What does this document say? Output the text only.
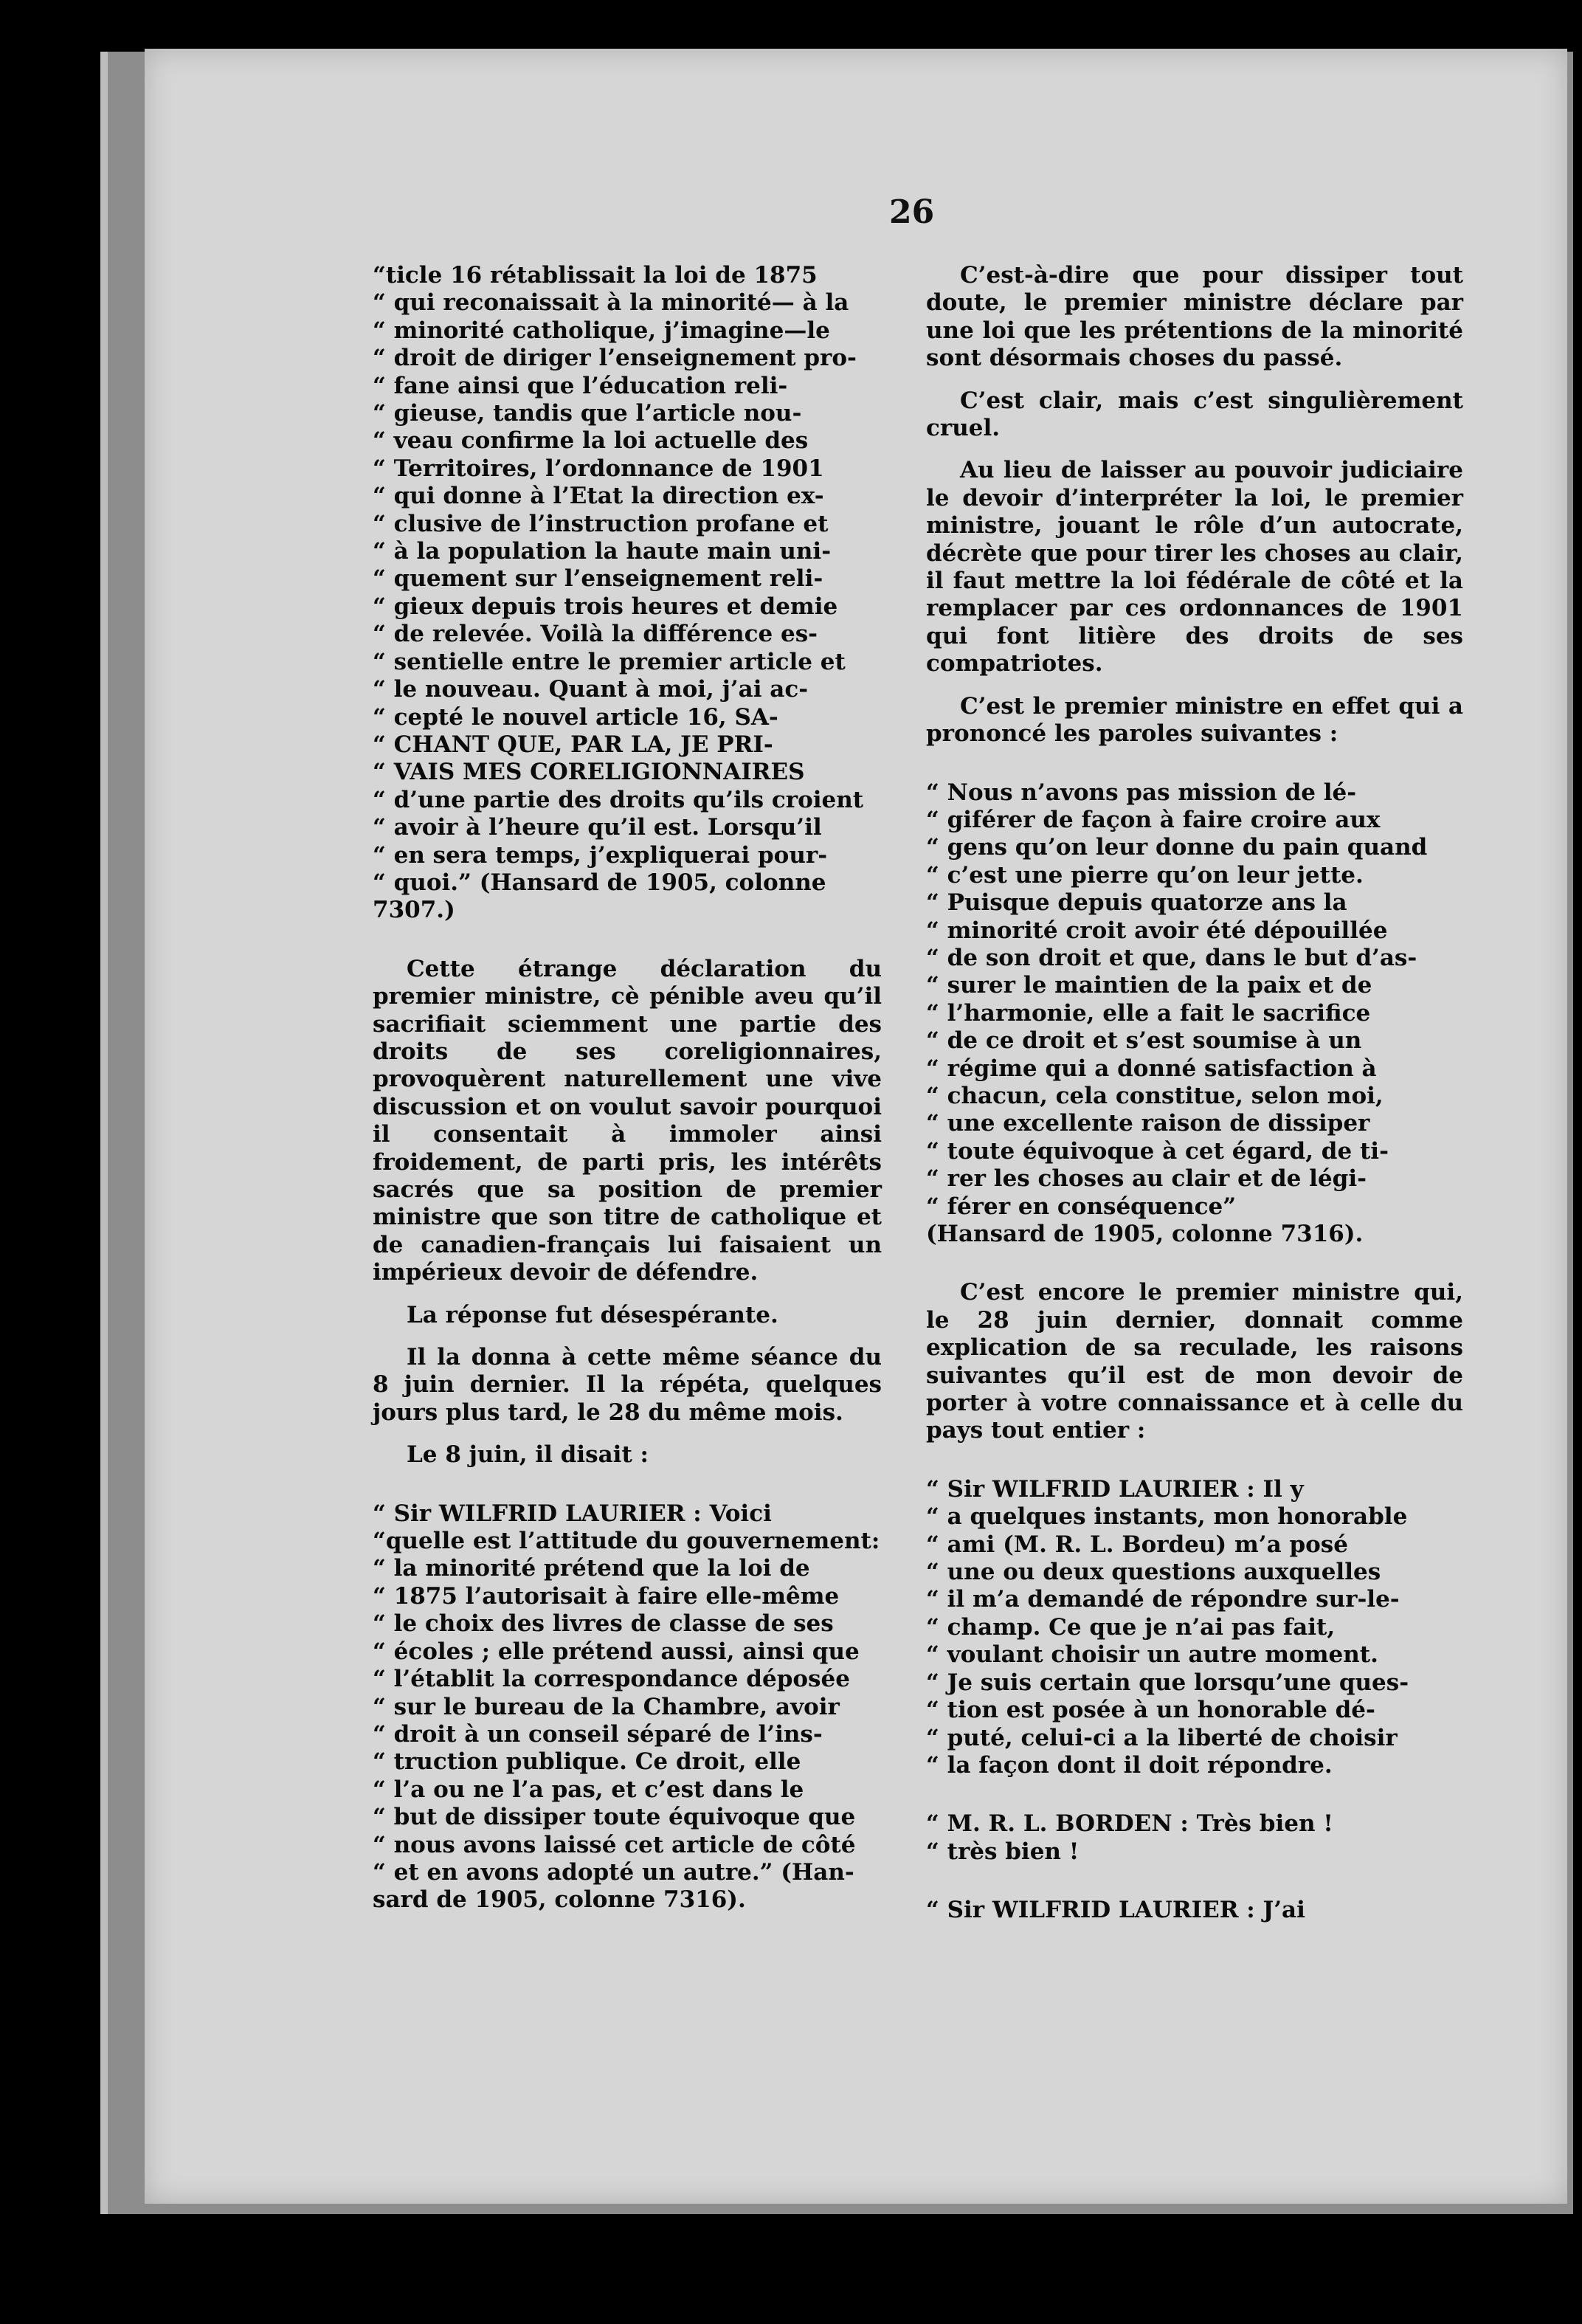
26
“ticle 16 rétablissait la loi de 1875
“ qui reconaissait à la minorité— à la
“ minorité catholique, j’imagine—le
“ droit de diriger l’enseignement pro-
“ fane ainsi que l’éducation reli-
“ gieuse, tandis que l’article nou-
“ veau confirme la loi actuelle des
“ Territoires, l’ordonnance de 1901
“ qui donne à l’Etat la direction ex-
“ clusive de l’instruction profane et
“ à la population la haute main uni-
“ quement sur l’enseignement reli-
“ gieux depuis trois heures et demie
“ de relevée. Voilà la différence es-
“ sentielle entre le premier article et
“ le nouveau. Quant à moi, j’ai ac-
“ cepté le nouvel article 16, SA-
“ CHANT QUE, PAR LA, JE PRI-
“ VAIS MES CORELIGIONNAIRES
“ d’une partie des droits qu’ils croient
“ avoir à l’heure qu’il est. Lorsqu’il
“ en sera temps, j’expliquerai pour-
“ quoi.” (Hansard de 1905, colonne
7307.)

Cette étrange déclaration du premier ministre, cè pénible aveu qu’il sacrifiait sciemment une partie des droits de ses coreligionnaires, provoquèrent naturellement une vive discussion et on voulut savoir pourquoi il consentait à immoler ainsi froidement, de parti pris, les intérêts sacrés que sa position de premier ministre que son titre de catholique et de canadien-français lui faisaient un impérieux devoir de défendre.

La réponse fut désespérante.

Il la donna à cette même séance du 8 juin dernier. Il la répéta, quelques jours plus tard, le 28 du même mois.

Le 8 juin, il disait :

“ Sir WILFRID LAURIER : Voici
“quelle est l’attitude du gouvernement:
“ la minorité prétend que la loi de
“ 1875 l’autorisait à faire elle-même
“ le choix des livres de classe de ses
“ écoles ; elle prétend aussi, ainsi que
“ l’établit la correspondance déposée
“ sur le bureau de la Chambre, avoir
“ droit à un conseil séparé de l’ins-
“ truction publique. Ce droit, elle
“ l’a ou ne l’a pas, et c’est dans le
“ but de dissiper toute équivoque que
“ nous avons laissé cet article de côté
“ et en avons adopté un autre.” (Han-
sard de 1905, colonne 7316).

C’est-à-dire que pour dissiper tout doute, le premier ministre déclare par une loi que les prétentions de la minorité sont désormais choses du passé.

C’est clair, mais c’est singulièrement cruel.

Au lieu de laisser au pouvoir judiciaire le devoir d’interpréter la loi, le premier ministre, jouant le rôle d’un autocrate, décrète que pour tirer les choses au clair, il faut mettre la loi fédérale de côté et la remplacer par ces ordonnances de 1901 qui font litière des droits de ses compatriotes.

C’est le premier ministre en effet qui a prononcé les paroles suivantes :

“ Nous n’avons pas mission de lé-
“ giférer de façon à faire croire aux
“ gens qu’on leur donne du pain quand
“ c’est une pierre qu’on leur jette.
“ Puisque depuis quatorze ans la
“ minorité croit avoir été dépouillée
“ de son droit et que, dans le but d’as-
“ surer le maintien de la paix et de
“ l’harmonie, elle a fait le sacrifice
“ de ce droit et s’est soumise à un
“ régime qui a donné satisfaction à
“ chacun, cela constitue, selon moi,
“ une excellente raison de dissiper
“ toute équivoque à cet égard, de ti-
“ rer les choses au clair et de légi-
“ férer en conséquence”
(Hansard de 1905, colonne 7316).

C’est encore le premier ministre qui, le 28 juin dernier, donnait comme explication de sa reculade, les raisons suivantes qu’il est de mon devoir de porter à votre connaissance et à celle du pays tout entier :

“ Sir WILFRID LAURIER : Il y
“ a quelques instants, mon honorable
“ ami (M. R. L. Bordeu) m’a posé
“ une ou deux questions auxquelles
“ il m’a demandé de répondre sur-le-
“ champ. Ce que je n’ai pas fait,
“ voulant choisir un autre moment.
“ Je suis certain que lorsqu’une ques-
“ tion est posée à un honorable dé-
“ puté, celui-ci a la liberté de choisir
“ la façon dont il doit répondre.
“ M. R. L. BORDEN : Très bien !
“ très bien !
“ Sir WILFRID LAURIER : J’ai
